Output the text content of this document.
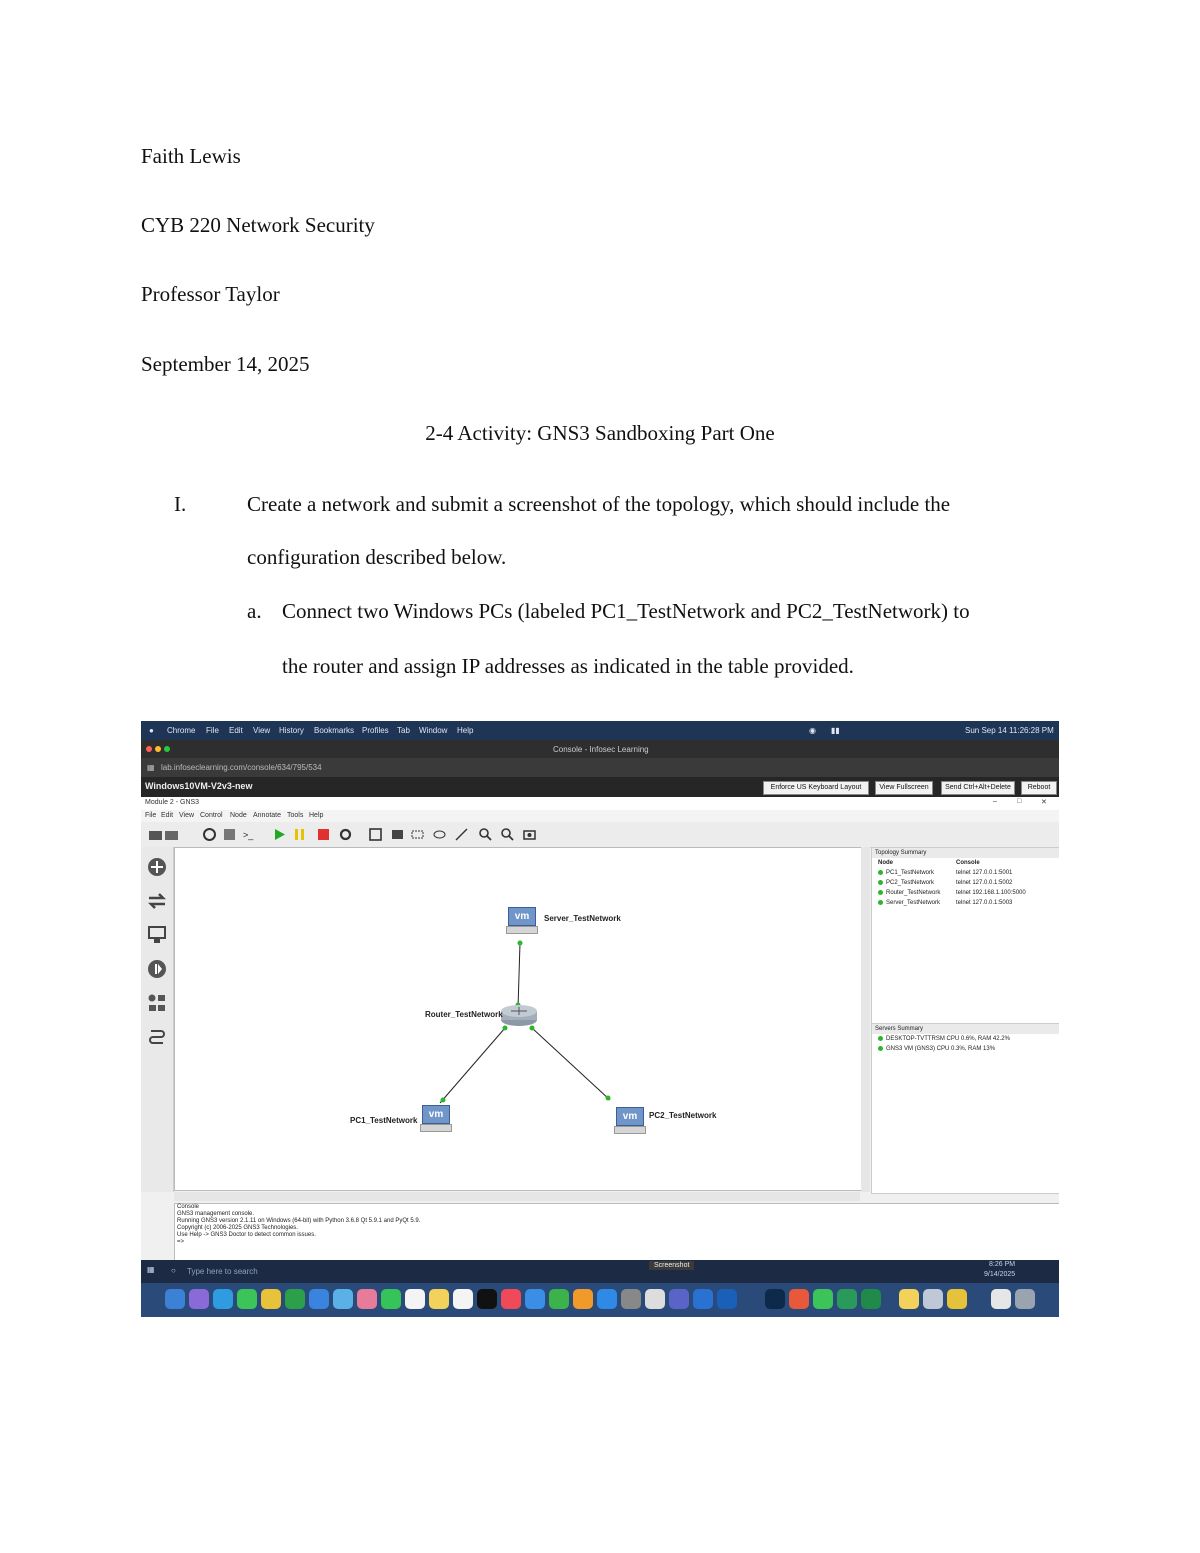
Faith Lewis
CYB 220 Network Security
Professor Taylor
September 14, 2025
2-4 Activity: GNS3 Sandboxing Part One
I.	Create a network and submit a screenshot of the topology, which should include the
configuration described below.
a. Connect two Windows PCs (labeled PC1_TestNetwork and PC2_TestNetwork) to
the router and assign IP addresses as indicated in the table provided.
● Chrome File Edit View History Bookmarks Profiles Tab Window Help	◉ ▮▮	Sun Sep 14 11:26:28 PM
Console - Infosec Learning
▦ lab.infoseclearning.com/console/634/795/534
Windows10VM-V2v3-new	Enforce US Keyboard Layout	View Fullscreen	Send Ctrl+Alt+Delete	Reboot
Module 2 - GNS3	–	□	✕
File Edit View Control Node Annotate Tools Help
>_
vm	Server_TestNetwork
Router_TestNetwork
vm
PC1_TestNetwork	vm	PC2_TestNetwork
Topology Summary
Node	Console
PC1_TestNetwork	telnet 127.0.0.1:5001
PC2_TestNetwork	telnet 127.0.0.1:5002
Router_TestNetwork	telnet 192.168.1.100:5000
Server_TestNetwork	telnet 127.0.0.1:5003
Servers Summary
DESKTOP-TVTTRSM CPU 0.6%, RAM 42.2%
GNS3 VM (GNS3) CPU 0.3%, RAM 13%
Console
GNS3 management console.
Running GNS3 version 2.1.11 on Windows (64-bit) with Python 3.6.8 Qt 5.9.1 and PyQt 5.9.
Copyright (c) 2006-2025 GNS3 Technologies.
Use Help -> GNS3 Doctor to detect common issues.
=>
▦ ○ Type here to search
Screenshot	8:26 PM
9/14/2025
